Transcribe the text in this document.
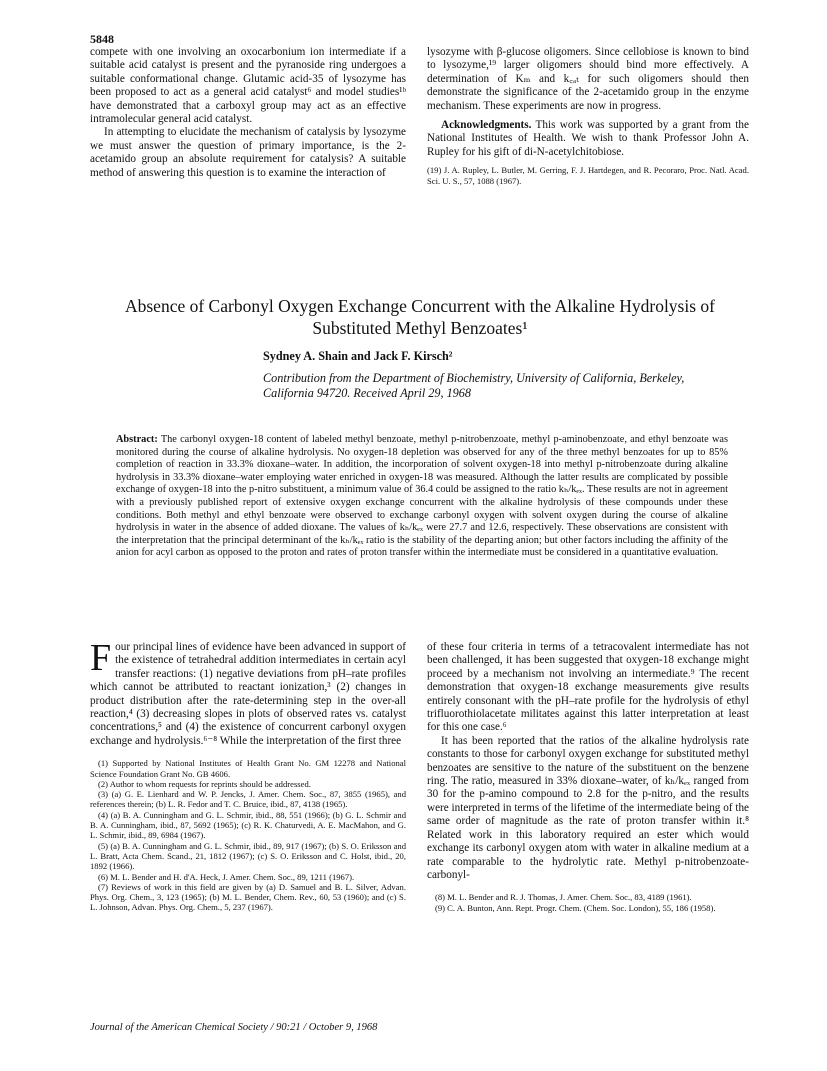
5848

compete with one involving an oxocarbonium ion intermediate if a suitable acid catalyst is present and the pyranoside ring undergoes a suitable conformational change. Glutamic acid-35 of lysozyme has been proposed to act as a general acid catalyst⁶ and model studies¹ᵇ have demonstrated that a carboxyl group may act as an effective intramolecular general acid catalyst.

In attempting to elucidate the mechanism of catalysis by lysozyme we must answer the question of primary importance, is the 2-acetamido group an absolute requirement for catalysis? A suitable method of answering this question is to examine the interaction of

lysozyme with β-glucose oligomers. Since cellobiose is known to bind to lysozyme,¹⁹ larger oligomers should bind more effectively. A determination of Kₘ and k꜀ₐₜ for such oligomers should then demonstrate the significance of the 2-acetamido group in the enzyme mechanism. These experiments are now in progress.

Acknowledgments. This work was supported by a grant from the National Institutes of Health. We wish to thank Professor John A. Rupley for his gift of di-N-acetylchitobiose.

(19) J. A. Rupley, L. Butler, M. Gerring, F. J. Hartdegen, and R. Pecoraro, Proc. Natl. Acad. Sci. U. S., 57, 1088 (1967).

Absence of Carbonyl Oxygen Exchange Concurrent with the Alkaline Hydrolysis of Substituted Methyl Benzoates¹
Sydney A. Shain and Jack F. Kirsch²
Contribution from the Department of Biochemistry, University of California, Berkeley, California 94720. Received April 29, 1968
Abstract: The carbonyl oxygen-18 content of labeled methyl benzoate, methyl p-nitrobenzoate, methyl p-aminobenzoate, and ethyl benzoate was monitored during the course of alkaline hydrolysis. No oxygen-18 depletion was observed for any of the three methyl benzoates for up to 85% completion of reaction in 33.3% dioxane–water. In addition, the incorporation of solvent oxygen-18 into methyl p-nitrobenzoate during alkaline hydrolysis in 33.3% dioxane–water employing water enriched in oxygen-18 was measured. Although the latter results are complicated by possible exchange of oxygen-18 into the p-nitro substituent, a minimum value of 36.4 could be assigned to the ratio kₕ/kₑₓ. These results are not in agreement with a previously published report of extensive oxygen exchange concurrent with the alkaline hydrolysis of these compounds under these conditions. Both methyl and ethyl benzoate were observed to exchange carbonyl oxygen with solvent oxygen during the course of alkaline hydrolysis in water in the absence of added dioxane. The values of kₕ/kₑₓ were 27.7 and 12.6, respectively. These observations are consistent with the interpretation that the principal determinant of the kₕ/kₑₓ ratio is the stability of the departing anion; but other factors including the affinity of the anion for acyl carbon as opposed to the proton and rates of proton transfer within the intermediate must be considered in a quantitative evaluation.

Four principal lines of evidence have been advanced in support of the existence of tetrahedral addition intermediates in certain acyl transfer reactions: (1) negative deviations from pH–rate profiles which cannot be attributed to reactant ionization,³ (2) changes in product distribution after the rate-determining step in the over-all reaction,⁴ (3) decreasing slopes in plots of observed rates vs. catalyst concentrations,⁵ and (4) the existence of concurrent carbonyl oxygen exchange and hydrolysis.⁶⁻⁸ While the interpretation of the first three

(1) Supported by National Institutes of Health Grant No. GM 12278 and National Science Foundation Grant No. GB 4606.

(2) Author to whom requests for reprints should be addressed.

(3) (a) G. E. Lienhard and W. P. Jencks, J. Amer. Chem. Soc., 87, 3855 (1965), and references therein; (b) L. R. Fedor and T. C. Bruice, ibid., 87, 4138 (1965).

(4) (a) B. A. Cunningham and G. L. Schmir, ibid., 88, 551 (1966); (b) G. L. Schmir and B. A. Cunningham, ibid., 87, 5692 (1965); (c) R. K. Chaturvedi, A. E. MacMahon, and G. L. Schmir, ibid., 89, 6984 (1967).

(5) (a) B. A. Cunningham and G. L. Schmir, ibid., 89, 917 (1967); (b) S. O. Eriksson and L. Bratt, Acta Chem. Scand., 21, 1812 (1967); (c) S. O. Eriksson and C. Holst, ibid., 20, 1892 (1966).

(6) M. L. Bender and H. d'A. Heck, J. Amer. Chem. Soc., 89, 1211 (1967).

(7) Reviews of work in this field are given by (a) D. Samuel and B. L. Silver, Advan. Phys. Org. Chem., 3, 123 (1965); (b) M. L. Bender, Chem. Rev., 60, 53 (1960); and (c) S. L. Johnson, Advan. Phys. Org. Chem., 5, 237 (1967).

of these four criteria in terms of a tetracovalent intermediate has not been challenged, it has been suggested that oxygen-18 exchange might proceed by a mechanism not involving an intermediate.⁹ The recent demonstration that oxygen-18 exchange measurements give results entirely consonant with the pH–rate profile for the hydrolysis of ethyl trifluorothiolacetate militates against this latter interpretation at least for this one case.⁶

It has been reported that the ratios of the alkaline hydrolysis rate constants to those for carbonyl oxygen exchange for substituted methyl benzoates are sensitive to the nature of the substituent on the benzene ring. The ratio, measured in 33% dioxane–water, of kₕ/kₑₓ ranged from 30 for the p-amino compound to 2.8 for the p-nitro, and the results were interpreted in terms of the lifetime of the intermediate being of the same order of magnitude as the rate of proton transfer within it.⁸ Related work in this laboratory required an ester which would exchange its carbonyl oxygen atom with water in alkaline medium at a rate comparable to the hydrolytic rate. Methyl p-nitrobenzoate-carbonyl-

(8) M. L. Bender and R. J. Thomas, J. Amer. Chem. Soc., 83, 4189 (1961).

(9) C. A. Bunton, Ann. Rept. Progr. Chem. (Chem. Soc. London), 55, 186 (1958).

Journal of the American Chemical Society / 90:21 / October 9, 1968
